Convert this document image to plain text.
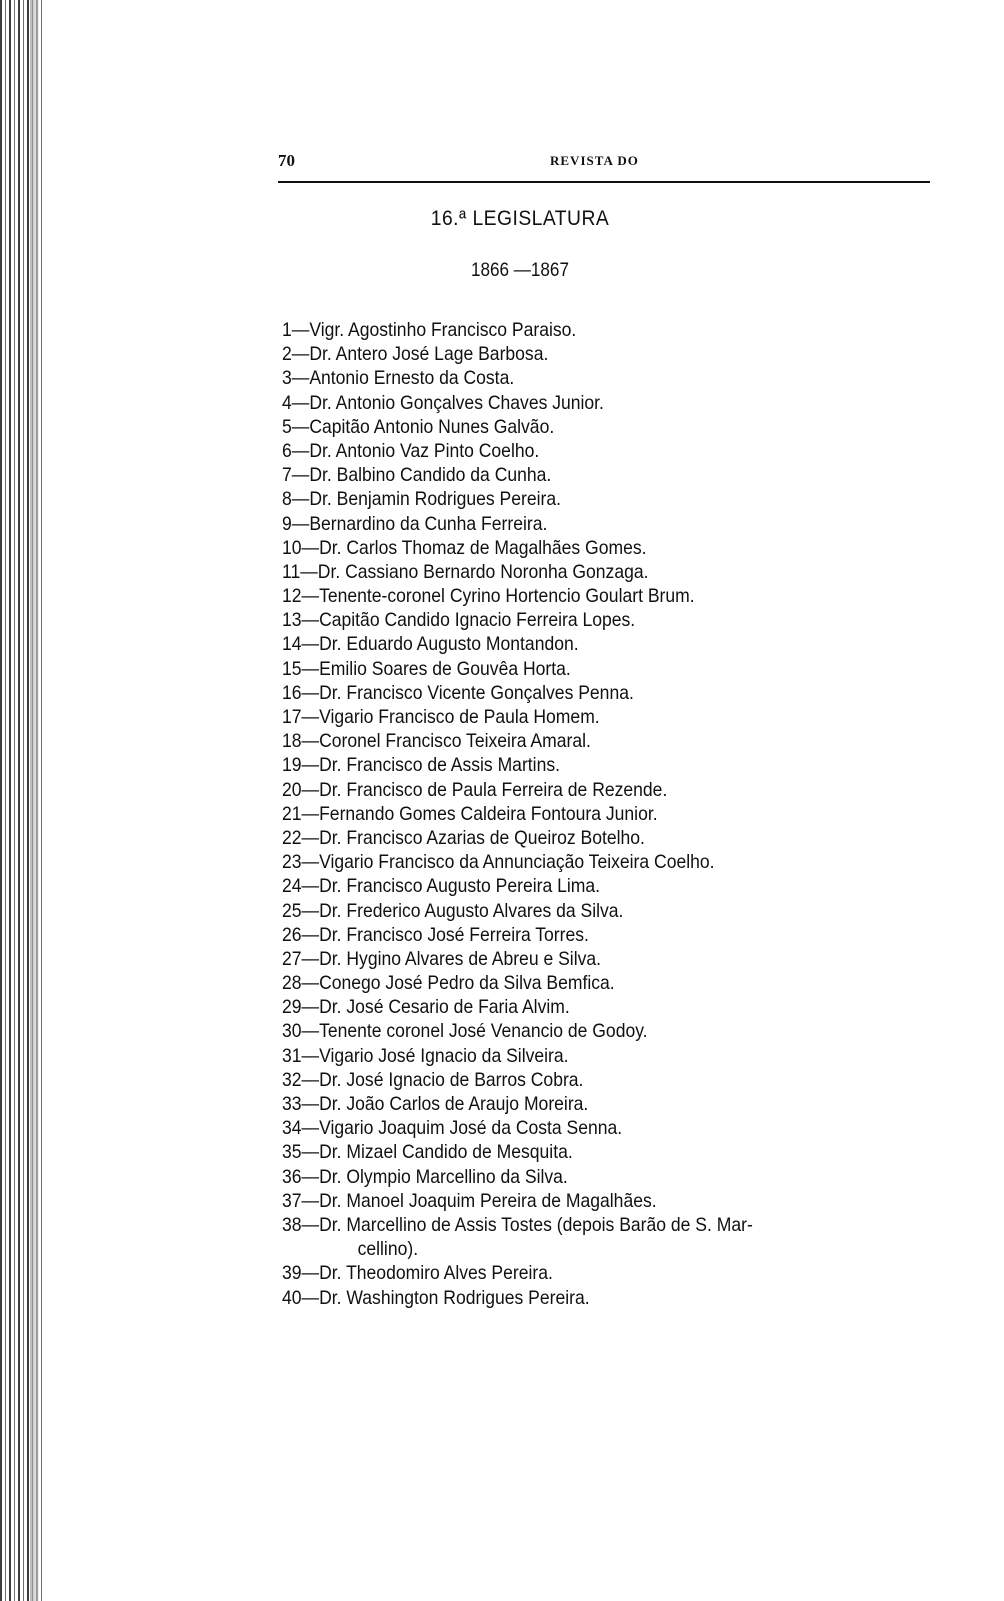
70	REVISTA DO
16.ª LEGISLATURA
1866 —1867
1—Vigr. Agostinho Francisco Paraiso.
2—Dr. Antero José Lage Barbosa.
3—Antonio Ernesto da Costa.
4—Dr. Antonio Gonçalves Chaves Junior.
5—Capitão Antonio Nunes Galvão.
6—Dr. Antonio Vaz Pinto Coelho.
7—Dr. Balbino Candido da Cunha.
8—Dr. Benjamin Rodrigues Pereira.
9—Bernardino da Cunha Ferreira.
10—Dr. Carlos Thomaz de Magalhães Gomes.
11—Dr. Cassiano Bernardo Noronha Gonzaga.
12—Tenente-coronel Cyrino Hortencio Goulart Brum.
13—Capitão Candido Ignacio Ferreira Lopes.
14—Dr. Eduardo Augusto Montandon.
15—Emilio Soares de Gouvêa Horta.
16—Dr. Francisco Vicente Gonçalves Penna.
17—Vigario Francisco de Paula Homem.
18—Coronel Francisco Teixeira Amaral.
19—Dr. Francisco de Assis Martins.
20—Dr. Francisco de Paula Ferreira de Rezende.
21—Fernando Gomes Caldeira Fontoura Junior.
22—Dr. Francisco Azarias de Queiroz Botelho.
23—Vigario Francisco da Annunciação Teixeira Coelho.
24—Dr. Francisco Augusto Pereira Lima.
25—Dr. Frederico Augusto Alvares da Silva.
26—Dr. Francisco José Ferreira Torres.
27—Dr. Hygino Alvares de Abreu e Silva.
28—Conego José Pedro da Silva Bemfica.
29—Dr. José Cesario de Faria Alvim.
30—Tenente coronel José Venancio de Godoy.
31—Vigario José Ignacio da Silveira.
32—Dr. José Ignacio de Barros Cobra.
33—Dr. João Carlos de Araujo Moreira.
34—Vigario Joaquim José da Costa Senna.
35—Dr. Mizael Candido de Mesquita.
36—Dr. Olympio Marcellino da Silva.
37—Dr. Manoel Joaquim Pereira de Magalhães.
38—Dr. Marcellino de Assis Tostes (depois Barão de S. Mar-
cellino).
39—Dr. Theodomiro Alves Pereira.
40—Dr. Washington Rodrigues Pereira.
